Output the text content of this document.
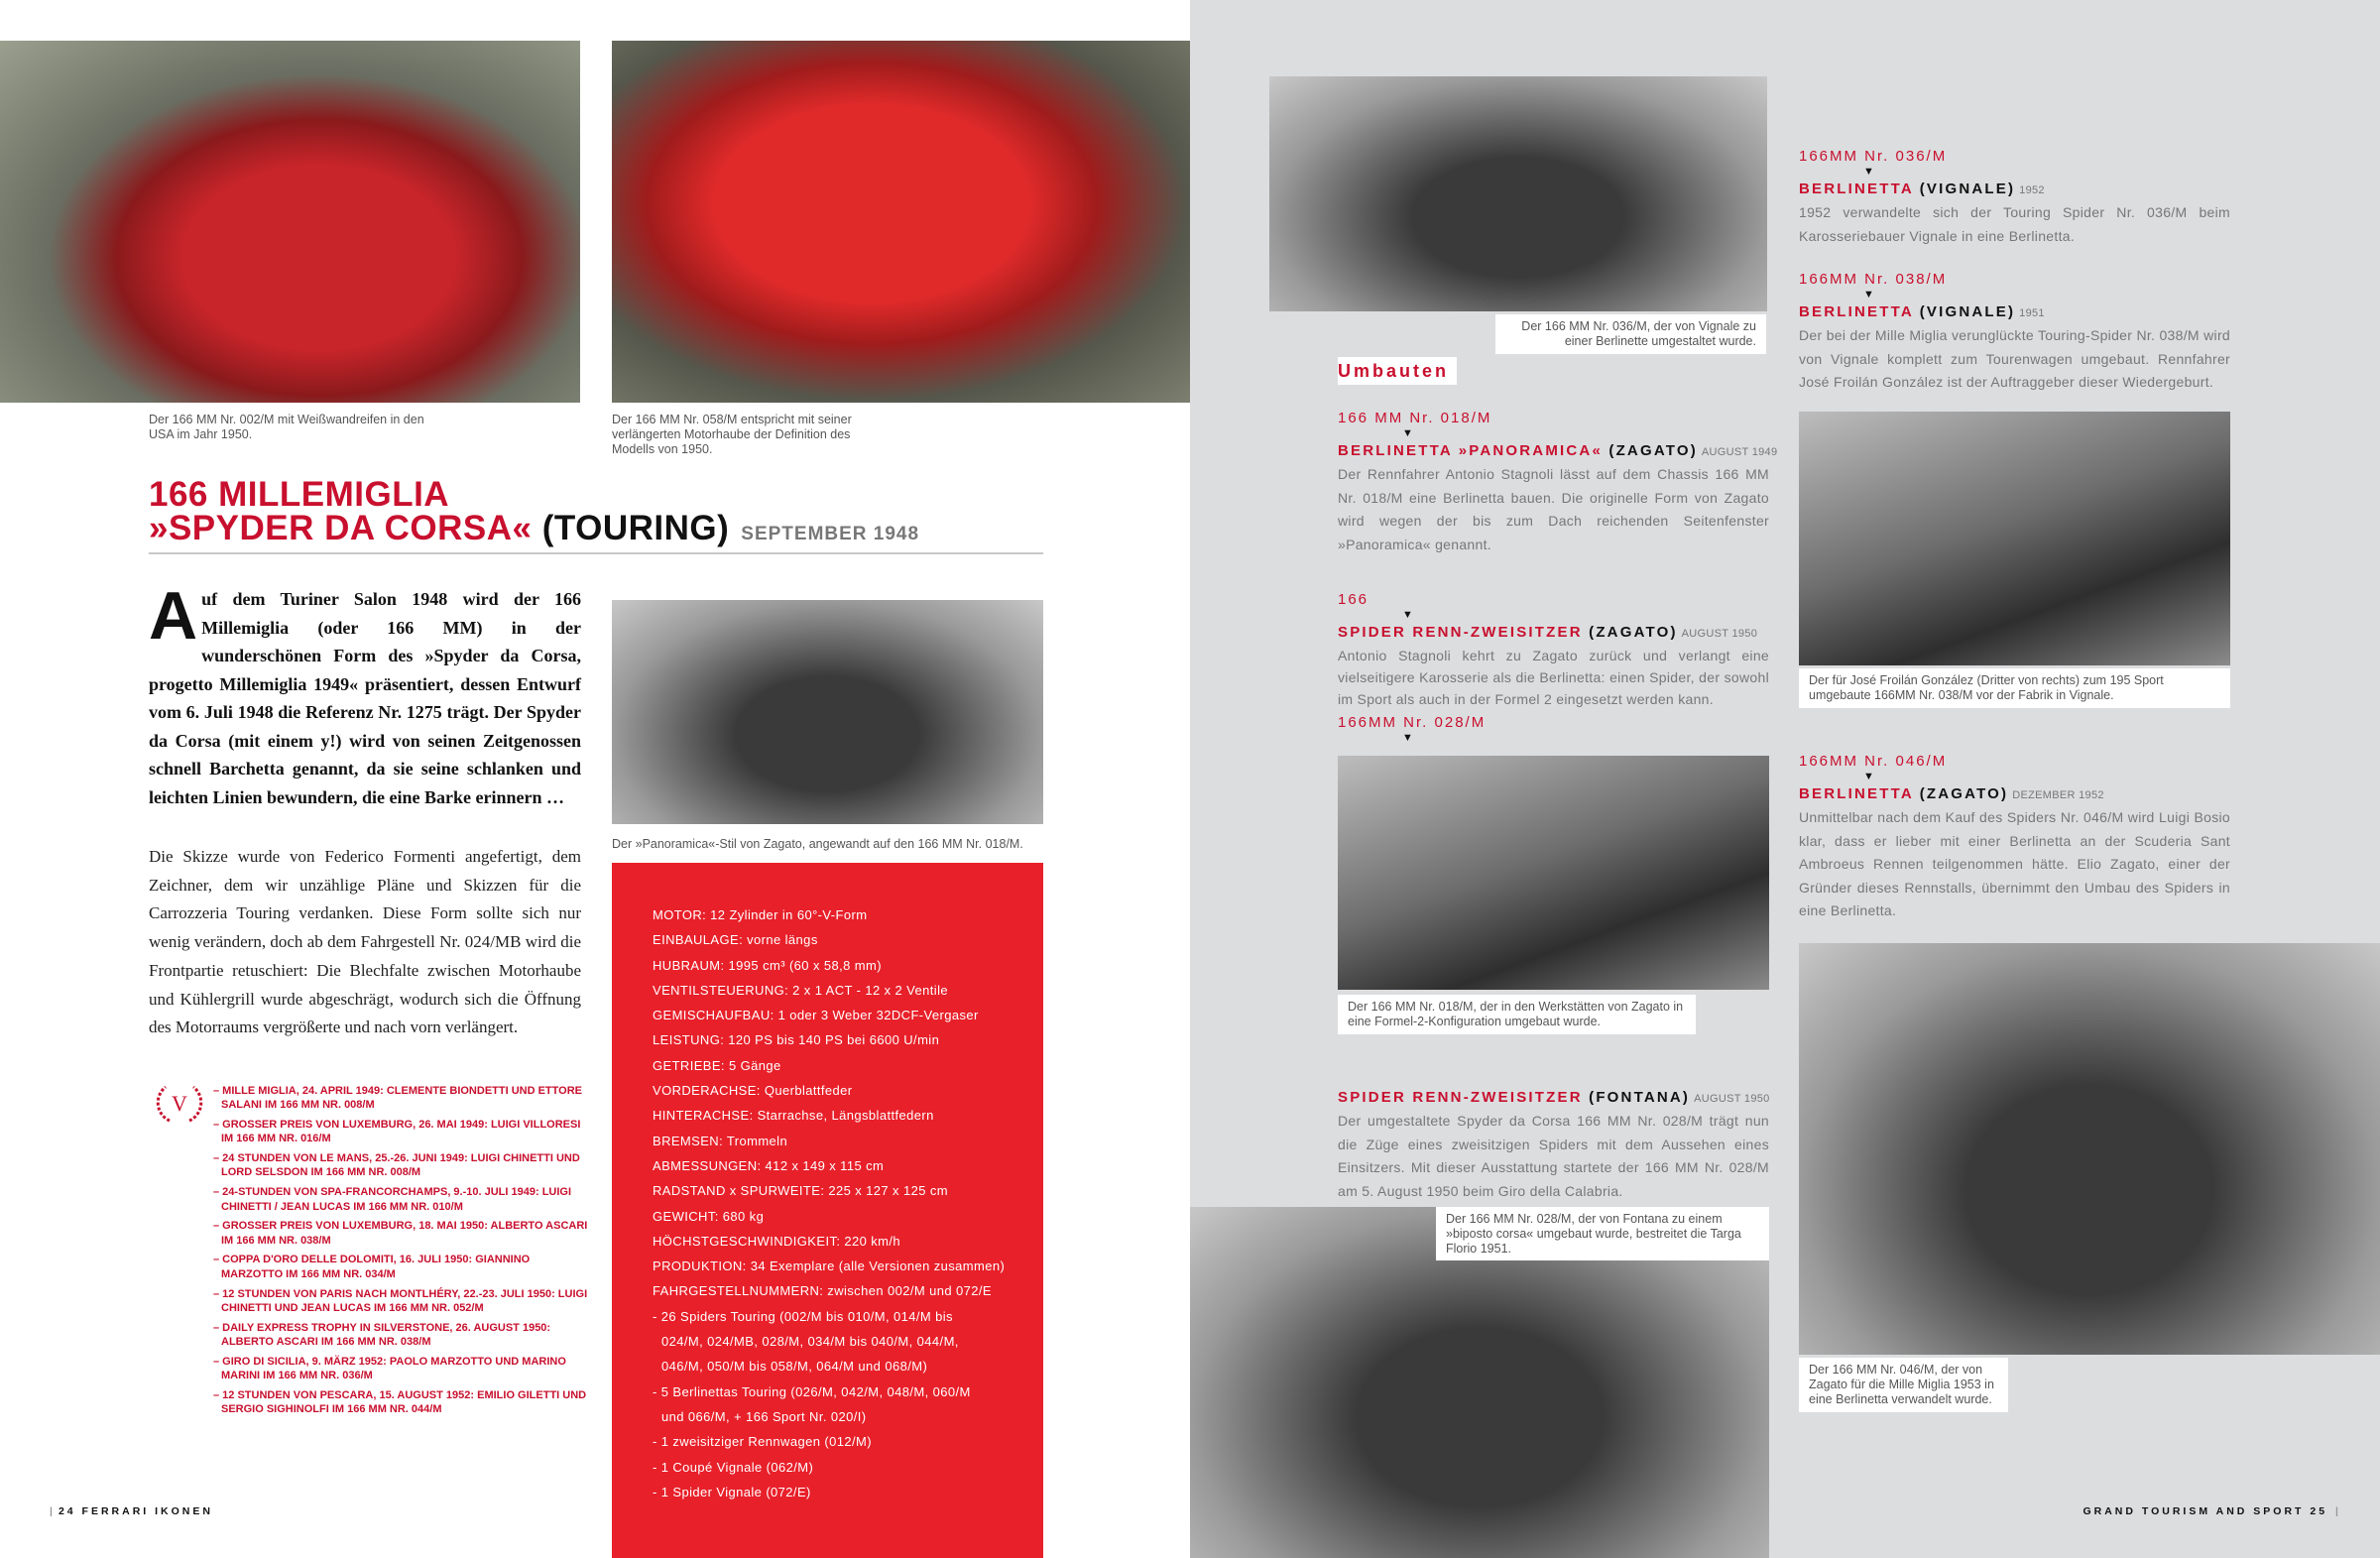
Der 166 MM Nr. 002/M mit Weißwandreifen in den USA im Jahr 1950.
Der 166 MM Nr. 058/M entspricht mit seiner verlängerten Motorhaube der Definition des Modells von 1950.
166 MILLEMIGLIA
»SPYDER DA CORSA« (TOURING) SEPTEMBER 1948
Auf dem Turiner Salon 1948 wird der 166 Millemiglia (oder 166 MM) in der wunderschönen Form des »Spyder da Corsa, progetto Millemiglia 1949« präsentiert, dessen Entwurf vom 6. Juli 1948 die Referenz Nr. 1275 trägt. Der Spyder da Corsa (mit einem y!) wird von seinen Zeitgenossen schnell Barchetta genannt, da sie seine schlanken und leichten Linien bewundern, die eine Barke erinnern …
Die Skizze wurde von Federico Formenti angefertigt, dem Zeichner, dem wir unzählige Pläne und Skizzen für die Carrozzeria Touring verdanken. Diese Form sollte sich nur wenig verändern, doch ab dem Fahrgestell Nr. 024/MB wird die Frontpartie retuschiert: Die Blechfalte zwischen Motorhaube und Kühlergrill wurde abgeschrägt, wodurch sich die Öffnung des Motorraums vergrößerte und nach vorn verlängert.
Der »Panoramica«-Stil von Zagato, angewandt auf den 166 MM Nr. 018/M.
MOTOR: 12 Zylinder in 60°-V-Form
EINBAULAGE: vorne längs
HUBRAUM: 1995 cm³ (60 x 58,8 mm)
VENTILSTEUERUNG: 2 x 1 ACT - 12 x 2 Ventile
GEMISCHAUFBAU: 1 oder 3 Weber 32DCF-Vergaser
LEISTUNG: 120 PS bis 140 PS bei 6600 U/min
GETRIEBE: 5 Gänge
VORDERACHSE: Querblattfeder
HINTERACHSE: Starrachse, Längsblattfedern
BREMSEN: Trommeln
ABMESSUNGEN: 412 x 149 x 115 cm
RADSTAND x SPURWEITE: 225 x 127 x 125 cm
GEWICHT: 680 kg
HÖCHSTGESCHWINDIGKEIT: 220 km/h
PRODUKTION: 34 Exemplare (alle Versionen zusammen)
FAHRGESTELLNUMMERN: zwischen 002/M und 072/E
- 26 Spiders Touring (002/M bis 010/M, 014/M bis
024/M, 024/MB, 028/M, 034/M bis 040/M, 044/M,
046/M, 050/M bis 058/M, 064/M und 068/M)
- 5 Berlinettas Touring (026/M, 042/M, 048/M, 060/M
und 066/M, + 166 Sport Nr. 020/I)
- 1 zweisitziger Rennwagen (012/M)
- 1 Coupé Vignale (062/M)
- 1 Spider Vignale (072/E)
V – MILLE MIGLIA, 24. APRIL 1949: CLEMENTE BIONDETTI UND ETTORE SALANI IM 166 MM NR. 008/M
– GROSSER PREIS VON LUXEMBURG, 26. MAI 1949: LUIGI VILLORESI IM 166 MM NR. 016/M
– 24 STUNDEN VON LE MANS, 25.-26. JUNI 1949: LUIGI CHINETTI UND LORD SELSDON IM 166 MM NR. 008/M
– 24-STUNDEN VON SPA-FRANCORCHAMPS, 9.-10. JULI 1949: LUIGI CHINETTI / JEAN LUCAS IM 166 MM NR. 010/M
– GROSSER PREIS VON LUXEMBURG, 18. MAI 1950: ALBERTO ASCARI IM 166 MM NR. 038/M
– COPPA D'ORO DELLE DOLOMITI, 16. JULI 1950: GIANNINO MARZOTTO IM 166 MM NR. 034/M
– 12 STUNDEN VON PARIS NACH MONTLHÉRY, 22.-23. JULI 1950: LUIGI CHINETTI UND JEAN LUCAS IM 166 MM NR. 052/M
– DAILY EXPRESS TROPHY IN SILVERSTONE, 26. AUGUST 1950: ALBERTO ASCARI IM 166 MM NR. 038/M
– GIRO DI SICILIA, 9. MÄRZ 1952: PAOLO MARZOTTO UND MARINO MARINI IM 166 MM NR. 036/M
– 12 STUNDEN VON PESCARA, 15. AUGUST 1952: EMILIO GILETTI UND SERGIO SIGHINOLFI IM 166 MM NR. 044/M
| 24 FERRARI IKONEN
Der 166 MM Nr. 036/M, der von Vignale zu einer Berlinette umgestaltet wurde.
Umbauten
166 MM Nr. 018/M
▼
BERLINETTA »PANORAMICA« (ZAGATO) AUGUST 1949
Der Rennfahrer Antonio Stagnoli lässt auf dem Chassis 166 MM Nr. 018/M eine Berlinetta bauen. Die originelle Form von Zagato wird wegen der bis zum Dach reichenden Seitenfenster »Panoramica« genannt.
166
▼
SPIDER RENN-ZWEISITZER (ZAGATO) AUGUST 1950
Antonio Stagnoli kehrt zu Zagato zurück und verlangt eine vielseitigere Karosserie als die Berlinetta: einen Spider, der sowohl im Sport als auch in der Formel 2 eingesetzt werden kann.
166MM Nr. 028/M
▼
SPIDER RENN-ZWEISITZER (FONTANA) AUGUST 1950
Der umgestaltete Spyder da Corsa 166 MM Nr. 028/M trägt nun die Züge eines zweisitzigen Spiders mit dem Aussehen eines Einsitzers. Mit dieser Ausstattung startete der 166 MM Nr. 028/M am 5. August 1950 beim Giro della Calabria.
166MM Nr. 036/M
▼
BERLINETTA (VIGNALE) 1952
1952 verwandelte sich der Touring Spider Nr. 036/M beim Karosseriebauer Vignale in eine Berlinetta.
166MM Nr. 038/M
▼
BERLINETTA (VIGNALE) 1951
Der bei der Mille Miglia verunglückte Touring-Spider Nr. 038/M wird von Vignale komplett zum Tourenwagen umgebaut. Rennfahrer José Froilán González ist der Auftraggeber dieser Wiedergeburt.
166MM Nr. 046/M
▼
BERLINETTA (ZAGATO) DEZEMBER 1952
Unmittelbar nach dem Kauf des Spiders Nr. 046/M wird Luigi Bosio klar, dass er lieber mit einer Berlinetta an der Scuderia Sant Ambroeus Rennen teilgenommen hätte. Elio Zagato, einer der Gründer dieses Rennstalls, übernimmt den Umbau des Spiders in eine Berlinetta.
Der 166 MM Nr. 018/M, der in den Werkstätten von Zagato in eine Formel-2-Konfiguration umgebaut wurde.
Der 166 MM Nr. 028/M, der von Fontana zu einem »biposto corsa« umgebaut wurde, bestreitet die Targa Florio 1951.
Der für José Froilán González (Dritter von rechts) zum 195 Sport umgebaute 166MM Nr. 038/M vor der Fabrik in Vignale.
Der 166 MM Nr. 046/M, der von Zagato für die Mille Miglia 1953 in eine Berlinetta verwandelt wurde.
GRAND TOURISM AND SPORT 25 |
